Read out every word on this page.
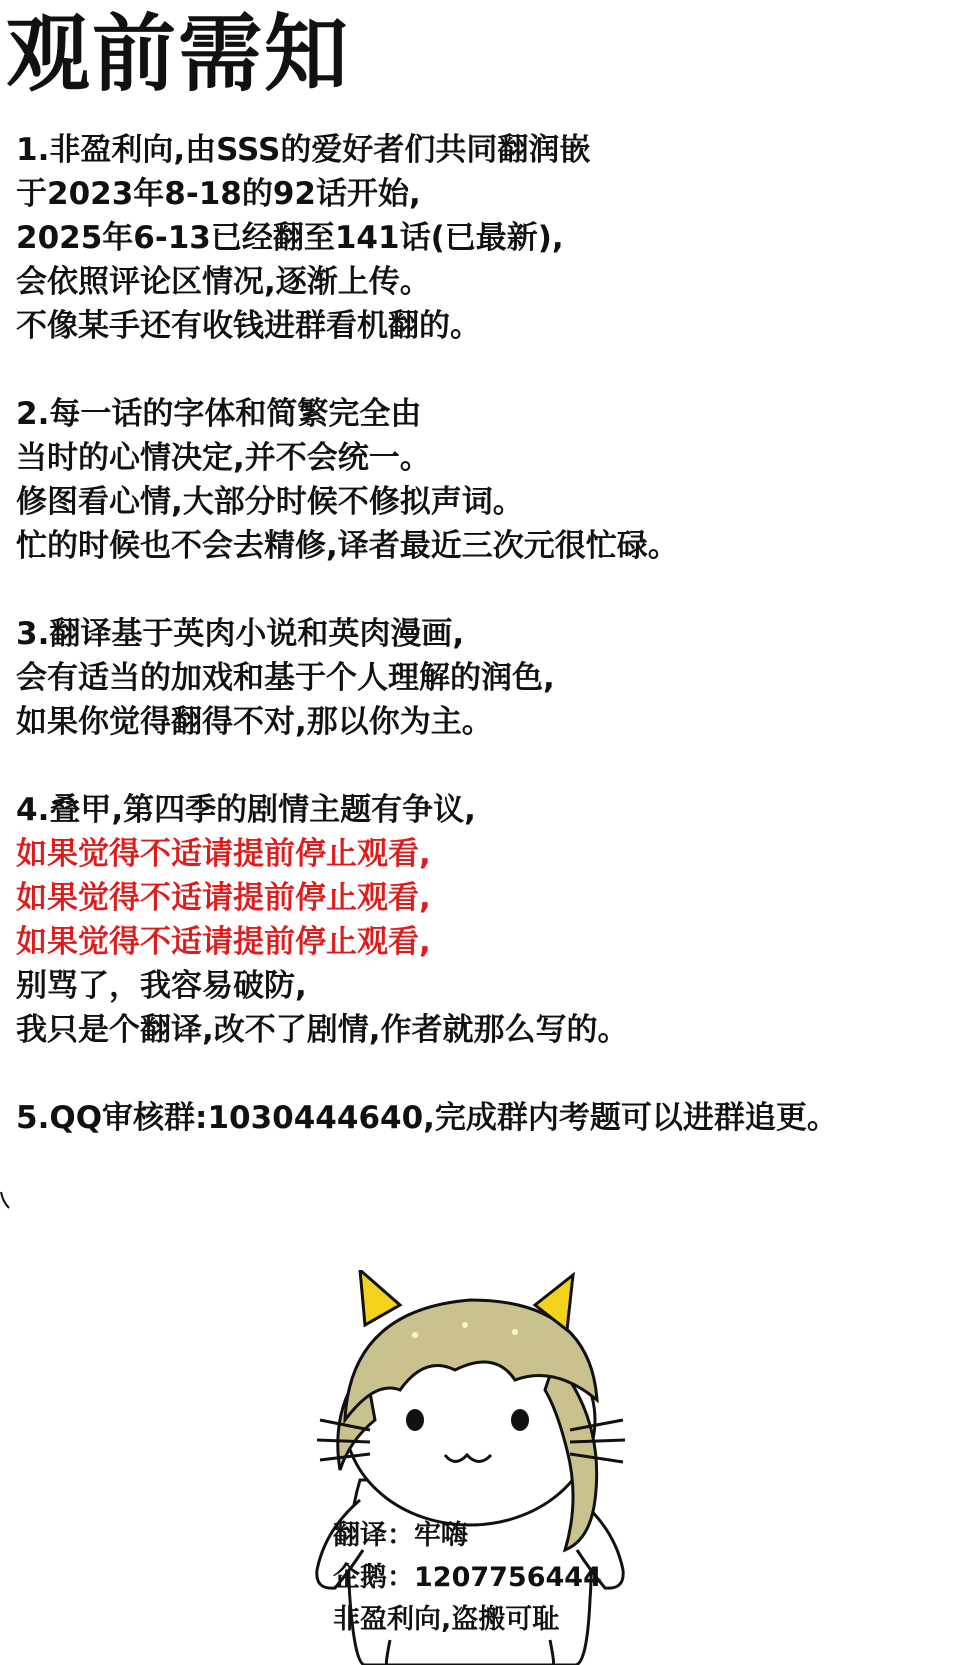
观前需知
1.非盈利向,由SSS的爱好者们共同翻润嵌
于2023年8-18的92话开始,
2025年6-13已经翻至141话(已最新),
会依照评论区情况,逐渐上传。
不像某手还有收钱进群看机翻的。
2.每一话的字体和简繁完全由
当时的心情决定,并不会统一。
修图看心情,大部分时候不修拟声词。
忙的时候也不会去精修,译者最近三次元很忙碌。
3.翻译基于英肉小说和英肉漫画,
会有适当的加戏和基于个人理解的润色,
如果你觉得翻得不对,那以你为主。
4.叠甲,第四季的剧情主题有争议,
如果觉得不适请提前停止观看,
如果觉得不适请提前停止观看,
如果觉得不适请提前停止观看,
别骂了，我容易破防,
我只是个翻译,改不了剧情,作者就那么写的。
5.QQ审核群:1030444640,完成群内考题可以进群追更。
翻译：牢嗨
企鹅：1207756444
非盈利向,盗搬可耻
